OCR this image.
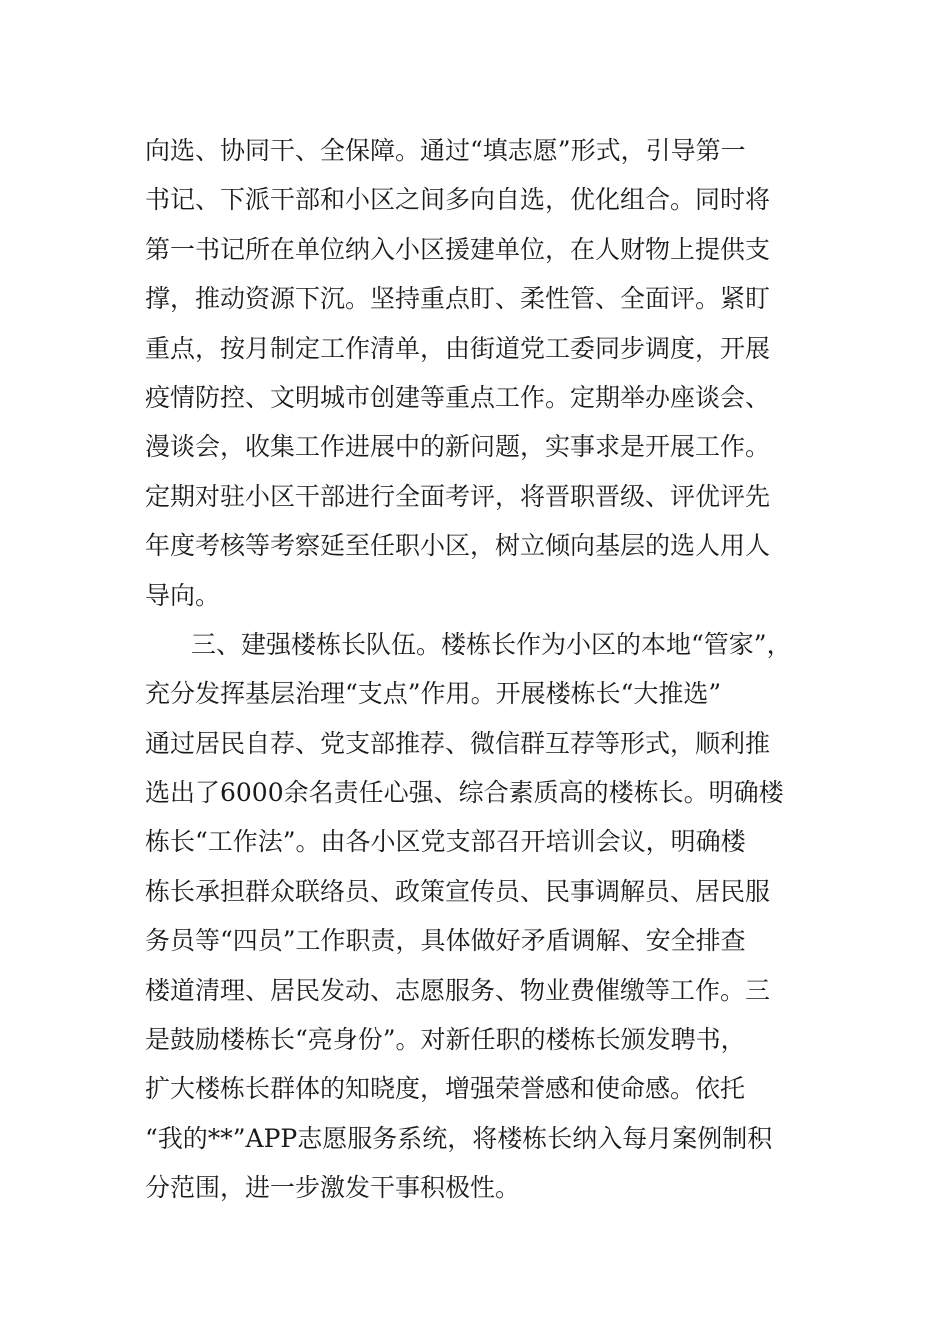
向选、协同干、全保障。通过“填志愿”形式，引导第一
书记、下派干部和小区之间多向自选，优化组合。同时将
第一书记所在单位纳入小区援建单位，在人财物上提供支
撑，推动资源下沉。坚持重点盯、柔性管、全面评。紧盯
重点，按月制定工作清单，由街道党工委同步调度，开展
疫情防控、文明城市创建等重点工作。定期举办座谈会、
漫谈会，收集工作进展中的新问题，实事求是开展工作。
定期对驻小区干部进行全面考评，将晋职晋级、评优评先
年度考核等考察延至任职小区，树立倾向基层的选人用人
导向。
三、建强楼栋长队伍。楼栋长作为小区的本地“管家”，
充分发挥基层治理“支点”作用。开展楼栋长“大推选”
通过居民自荐、党支部推荐、微信群互荐等形式，顺利推
选出了6000余名责任心强、综合素质高的楼栋长。明确楼
栋长“工作法”。由各小区党支部召开培训会议，明确楼
栋长承担群众联络员、政策宣传员、民事调解员、居民服
务员等“四员”工作职责，具体做好矛盾调解、安全排查
楼道清理、居民发动、志愿服务、物业费催缴等工作。三
是鼓励楼栋长“亮身份”。对新任职的楼栋长颁发聘书，
扩大楼栋长群体的知晓度，增强荣誉感和使命感。依托
“我的**”APP志愿服务系统，将楼栋长纳入每月案例制积
分范围，进一步激发干事积极性。
